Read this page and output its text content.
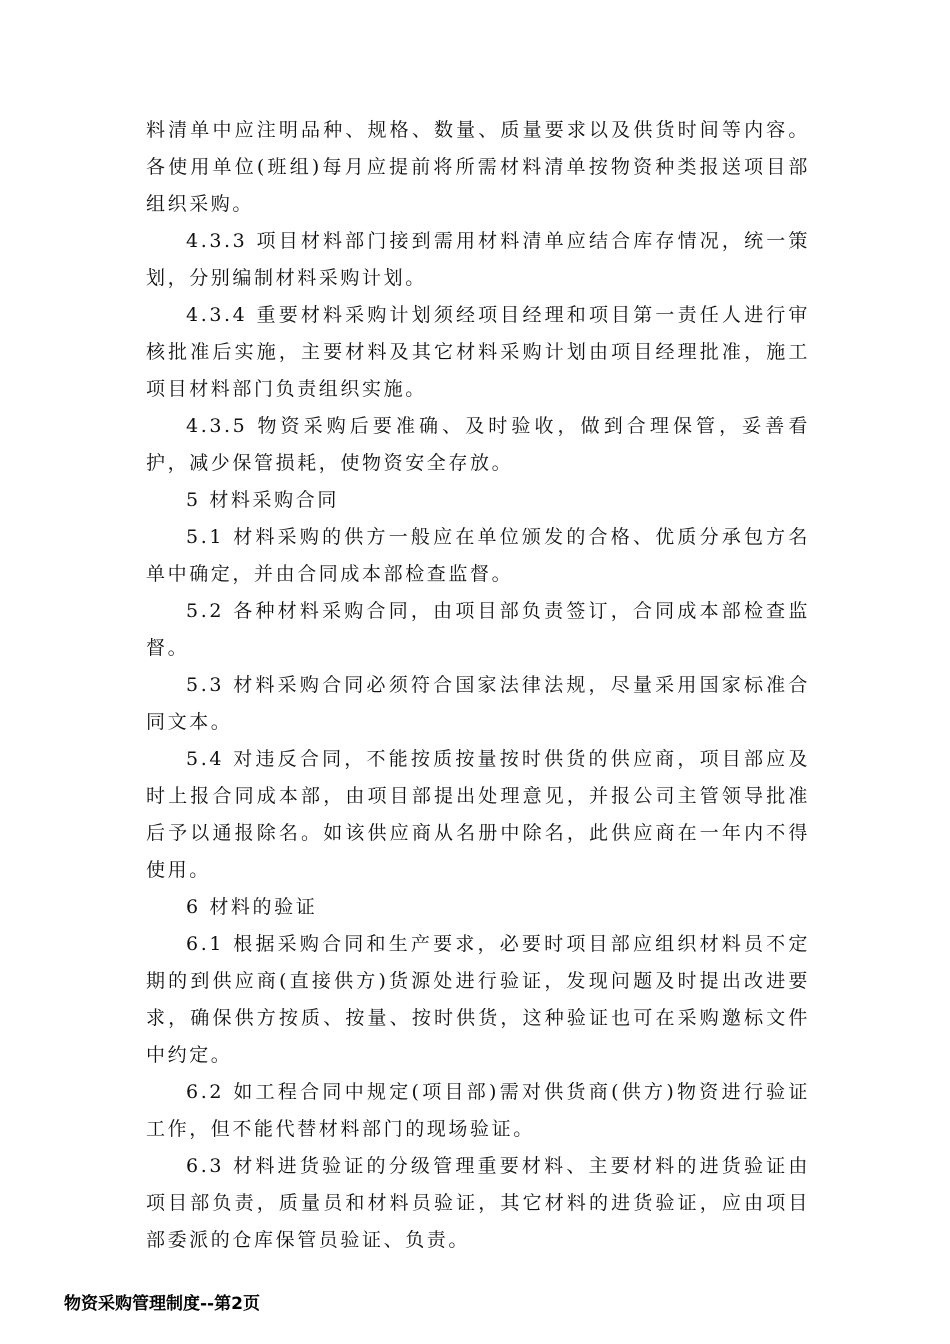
料清单中应注明品种、规格、数量、质量要求以及供货时间等内容。各使用单位(班组)每月应提前将所需材料清单按物资种类报送项目部组织采购。

4.3.3 项目材料部门接到需用材料清单应结合库存情况，统一策划，分别编制材料采购计划。

4.3.4 重要材料采购计划须经项目经理和项目第一责任人进行审核批准后实施，主要材料及其它材料采购计划由项目经理批准，施工项目材料部门负责组织实施。

4.3.5 物资采购后要准确、及时验收，做到合理保管，妥善看护，减少保管损耗，使物资安全存放。

5 材料采购合同

5.1 材料采购的供方一般应在单位颁发的合格、优质分承包方名单中确定，并由合同成本部检查监督。

5.2 各种材料采购合同，由项目部负责签订，合同成本部检查监督。

5.3 材料采购合同必须符合国家法律法规，尽量采用国家标准合同文本。

5.4 对违反合同，不能按质按量按时供货的供应商，项目部应及时上报合同成本部，由项目部提出处理意见，并报公司主管领导批准后予以通报除名。如该供应商从名册中除名，此供应商在一年内不得使用。

6 材料的验证

6.1 根据采购合同和生产要求，必要时项目部应组织材料员不定期的到供应商(直接供方)货源处进行验证，发现问题及时提出改进要求，确保供方按质、按量、按时供货，这种验证也可在采购邀标文件中约定。

6.2 如工程合同中规定(项目部)需对供货商(供方)物资进行验证工作，但不能代替材料部门的现场验证。

6.3 材料进货验证的分级管理重要材料、主要材料的进货验证由项目部负责，质量员和材料员验证，其它材料的进货验证，应由项目部委派的仓库保管员验证、负责。

物资采购管理制度--第2页
